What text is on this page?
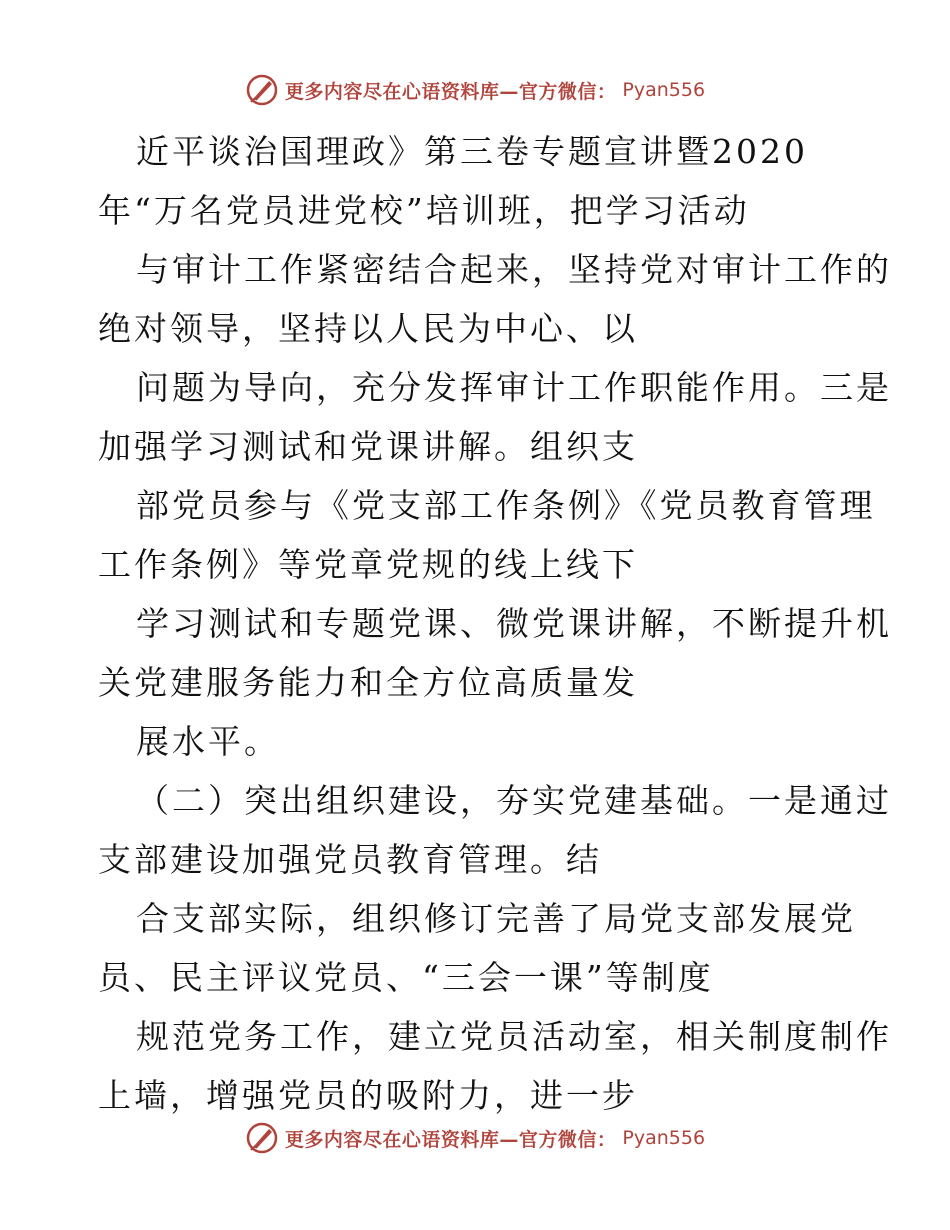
更多内容尽在心语资料库—官方微信： Pyan556
近平谈治国理政》第三卷专题宣讲暨2020
年“万名党员进党校”培训班，把学习活动
与审计工作紧密结合起来，坚持党对审计工作的
绝对领导，坚持以人民为中心、以
问题为导向，充分发挥审计工作职能作用。三是
加强学习测试和党课讲解。组织支
部党员参与《党支部工作条例》《党员教育管理
工作条例》等党章党规的线上线下
学习测试和专题党课、微党课讲解，不断提升机
关党建服务能力和全方位高质量发
展水平。
（二）突出组织建设，夯实党建基础。一是通过
支部建设加强党员教育管理。结
合支部实际，组织修订完善了局党支部发展党
员、民主评议党员、“三会一课”等制度
规范党务工作，建立党员活动室，相关制度制作
上墙，增强党员的吸附力，进一步
更多内容尽在心语资料库—官方微信： Pyan556
